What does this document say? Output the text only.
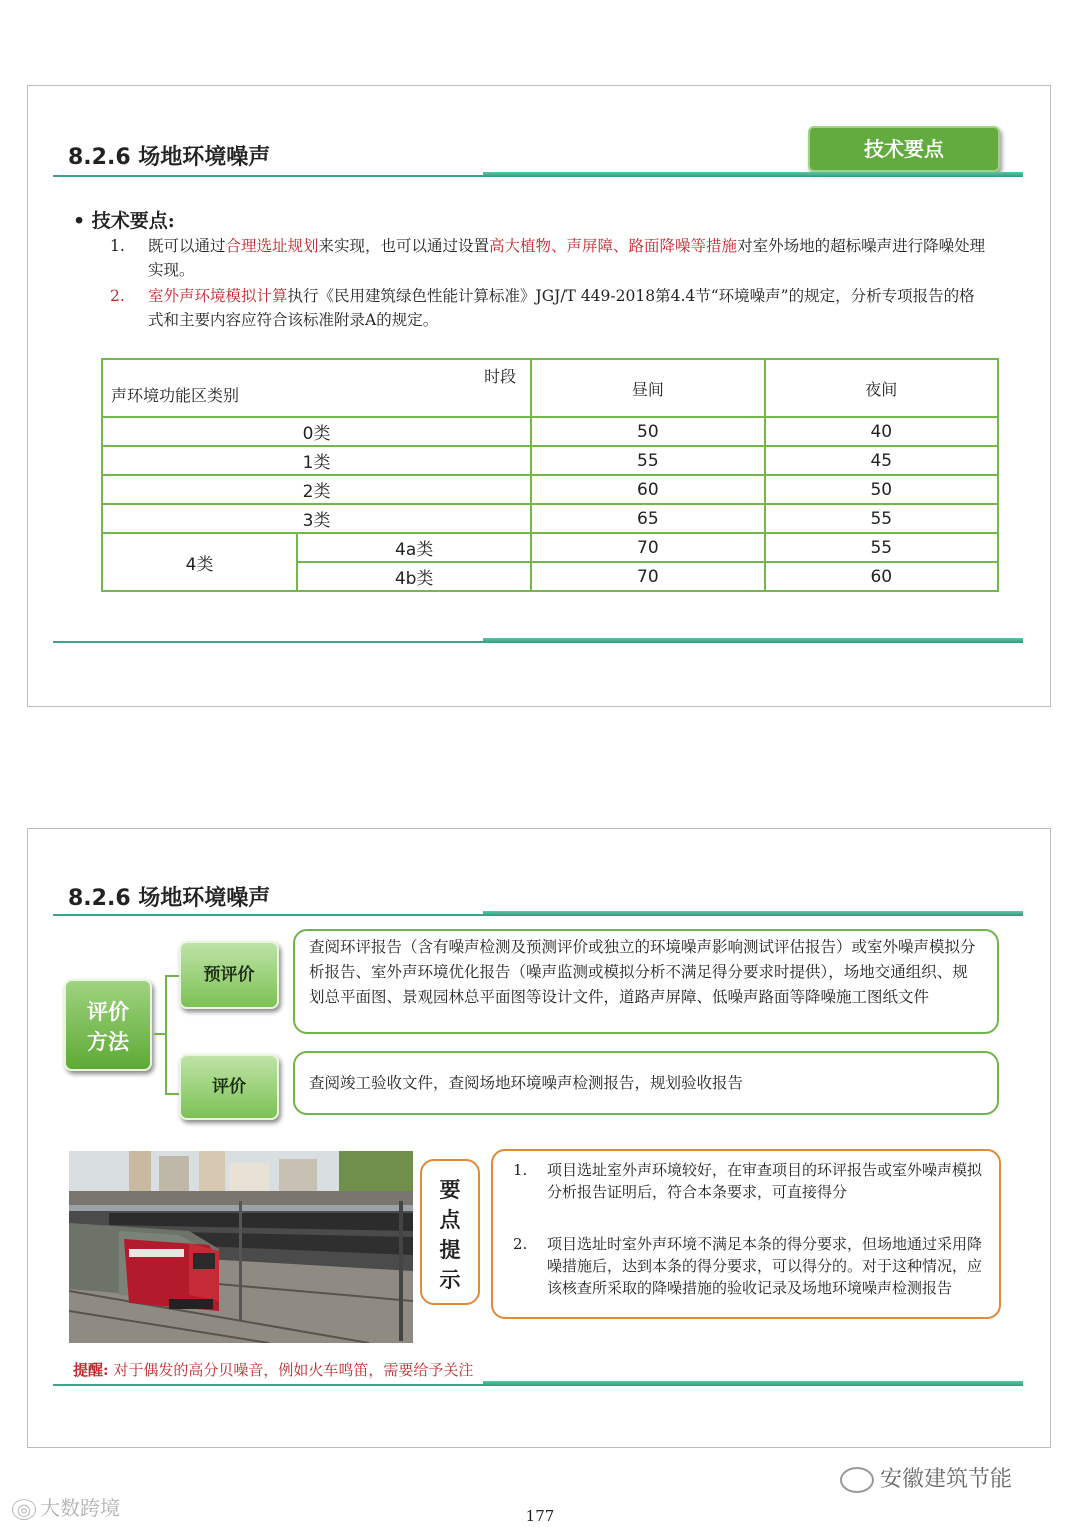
8.2.6 场地环境噪声	技术要点
• 技术要点:
1. 既可以通过合理选址规划来实现，也可以通过设置高大植物、声屏障、路面降噪等措施对室外场地的超标噪声进行降噪处理实现。
2. 室外声环境模拟计算执行《民用建筑绿色性能计算标准》JGJ/T 449-2018第4.4节“环境噪声”的规定，分析专项报告的格式和主要内容应符合该标准附录A的规定。
时段
声环境功能区类别		昼间	夜间
0类		50	40
1类		55	45
2类		60	50
3类		65	55
4类	4a类	70	55
	4b类	70	60
8.2.6 场地环境噪声
评价方法
预评价
查阅环评报告（含有噪声检测及预测评价或独立的环境噪声影响测试评估报告）或室外噪声模拟分析报告、室外声环境优化报告（噪声监测或模拟分析不满足得分要求时提供），场地交通组织、规划总平面图、景观园林总平面图等设计文件，道路声屏障、低噪声路面等降噪施工图纸文件
评价	查阅竣工验收文件，查阅场地环境噪声检测报告，规划验收报告
要点提示
1. 项目选址室外声环境较好，在审查项目的环评报告或室外噪声模拟分析报告证明后，符合本条要求，可直接得分
2. 项目选址时室外声环境不满足本条的得分要求，但场地通过采用降噪措施后，达到本条的得分要求，可以得分的。对于这种情况，应该核查所采取的降噪措施的验收记录及场地环境噪声检测报告
提醒: 对于偶发的高分贝噪音，例如火车鸣笛，需要给予关注
◎ 大数跨境
安徽建筑节能
177
